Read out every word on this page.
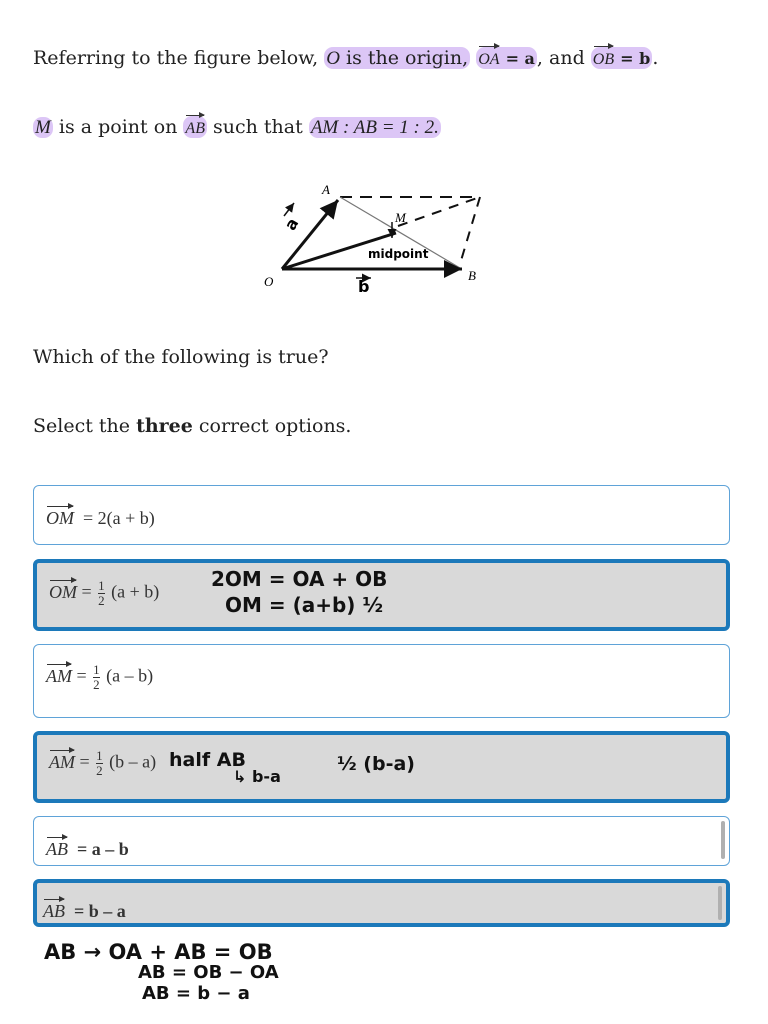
Referring to the figure below, O is the origin, OA = a , and OB = b .
M is a point on AB such that AM : AB = 1 : 2.
A
M
O	B
a
b
midpoint
Which of the following is true?
Select the three correct options.
OM = 2(a + b)
OM = $\frac{1}{2} (a + b)$
2OM = OA + OB
OM = (a+b) ½
AM = $\frac{1}{2} (a - b)$
AM = $\frac{1}{2} (b - a)$ half AB
↳ b-a
½ (b-a)
AB = a – b
AB = b – a
AB → OA + AB = OB
AB = OB − OA
AB = b − a
